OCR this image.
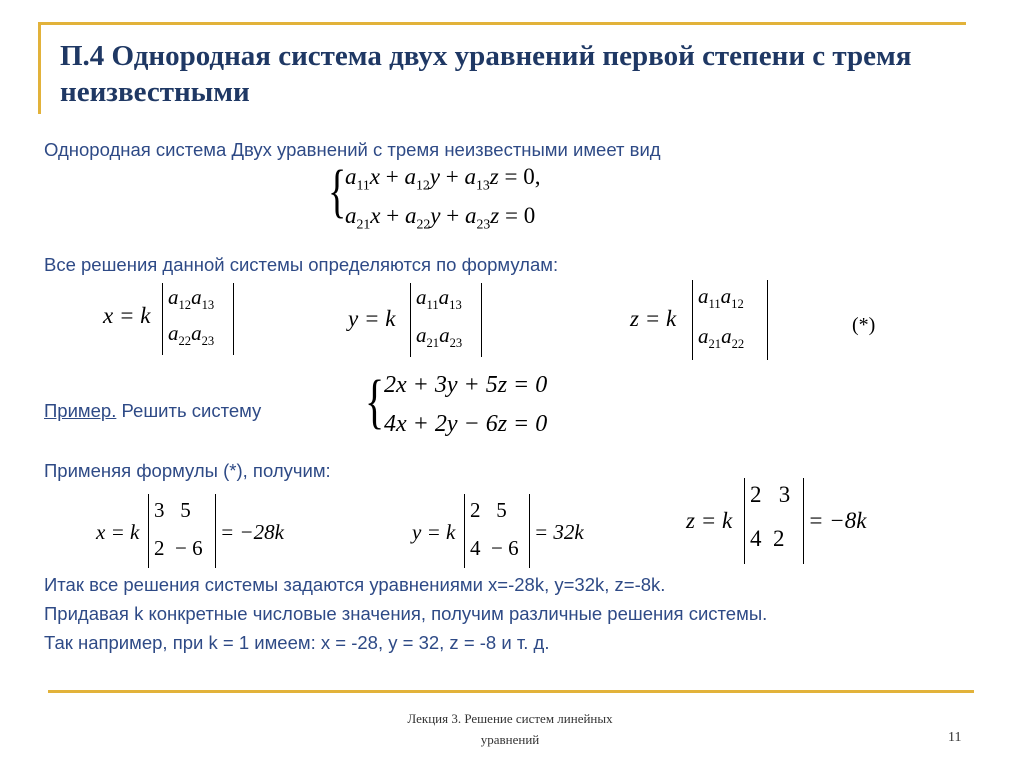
П.4 Однородная система двух уравнений первой степени с тремя неизвестными
Однородная система Двух уравнений с тремя неизвестными имеет вид
{
$a_{11}x + a_{12}y + a_{13}z = 0$,
$a_{21}x + a_{22}y + a_{23}z = 0$
Все решения данной системы определяются по формулам:
x = k
$a_{12}a_{13}$
$a_{22}a_{23}$
y = k
$a_{11}a_{13}$
$a_{21}a_{23}$
z = k
$a_{11}a_{12}$
$a_{21}a_{22}$
(*)
Пример. Решить систему	{ 2x + 3y + 5z = 0
4x + 2y − 6z = 0
Применяя формулы (*), получим:
x = k
3   5
2  − 6
= −28k	y = k
2   5
4  − 6
= 32k	z = k
2   3
4  2
= −8k
Итак все решения системы задаются уравнениями x=-28k, y=32k, z=-8k.
Придавая k конкретные числовые значения, получим различные решения системы.
Так например, при k = 1 имеем: x = -28, y = 32, z = -8 и т. д.
Лекция 3. Решение систем линейных
уравнений	11
